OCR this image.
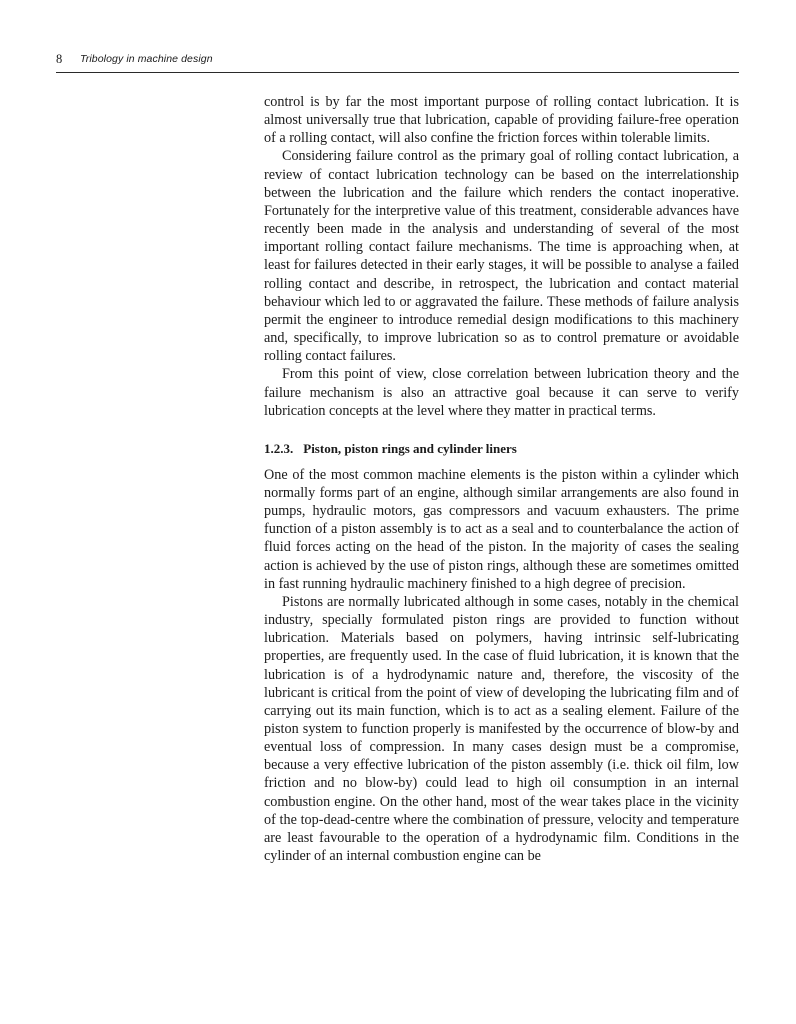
8 Tribology in machine design

control is by far the most important purpose of rolling contact lubrication. It is almost universally true that lubrication, capable of providing failure-free operation of a rolling contact, will also confine the friction forces within tolerable limits.

Considering failure control as the primary goal of rolling contact lubrication, a review of contact lubrication technology can be based on the interrelationship between the lubrication and the failure which renders the contact inoperative. Fortunately for the interpretive value of this treatment, considerable advances have recently been made in the analysis and understanding of several of the most important rolling contact failure mechanisms. The time is approaching when, at least for failures detected in their early stages, it will be possible to analyse a failed rolling contact and describe, in retrospect, the lubrication and contact material behaviour which led to or aggravated the failure. These methods of failure analysis permit the engineer to introduce remedial design modifications to this machinery and, specifically, to improve lubrication so as to control premature or avoidable rolling contact failures.

From this point of view, close correlation between lubrication theory and the failure mechanism is also an attractive goal because it can serve to verify lubrication concepts at the level where they matter in practical terms.

1.2.3. Piston, piston rings and cylinder liners

One of the most common machine elements is the piston within a cylinder which normally forms part of an engine, although similar arrangements are also found in pumps, hydraulic motors, gas compressors and vacuum exhausters. The prime function of a piston assembly is to act as a seal and to counterbalance the action of fluid forces acting on the head of the piston. In the majority of cases the sealing action is achieved by the use of piston rings, although these are sometimes omitted in fast running hydraulic machinery finished to a high degree of precision.

Pistons are normally lubricated although in some cases, notably in the chemical industry, specially formulated piston rings are provided to function without lubrication. Materials based on polymers, having intrinsic self-lubricating properties, are frequently used. In the case of fluid lubrication, it is known that the lubrication is of a hydrodynamic nature and, therefore, the viscosity of the lubricant is critical from the point of view of developing the lubricating film and of carrying out its main function, which is to act as a sealing element. Failure of the piston system to function properly is manifested by the occurrence of blow-by and eventual loss of compression. In many cases design must be a compromise, because a very effective lubrication of the piston assembly (i.e. thick oil film, low friction and no blow-by) could lead to high oil consumption in an internal combustion engine. On the other hand, most of the wear takes place in the vicinity of the top-dead-centre where the combination of pressure, velocity and temperature are least favourable to the operation of a hydrodynamic film. Conditions in the cylinder of an internal combustion engine can be
